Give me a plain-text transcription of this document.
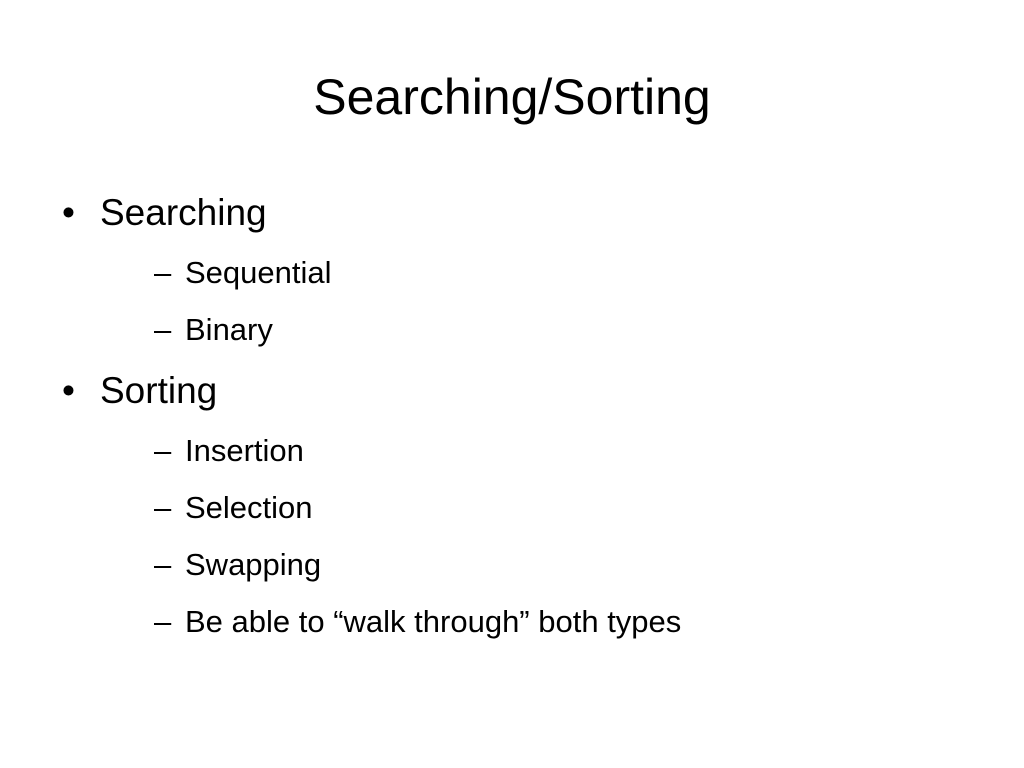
Searching/Sorting
• Searching
– Sequential
– Binary
• Sorting
– Insertion
– Selection
– Swapping
– Be able to “walk through” both types
